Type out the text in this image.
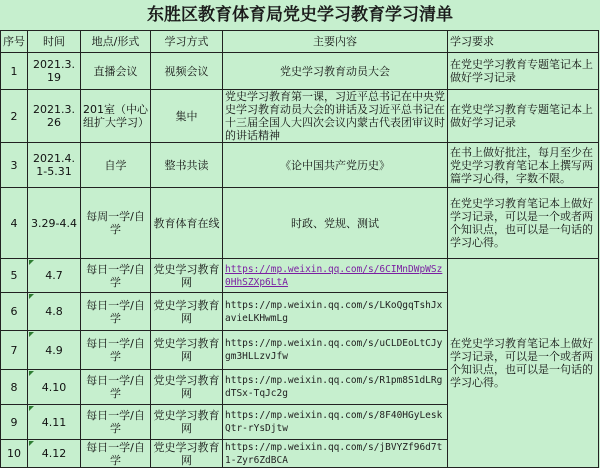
东胜区教育体育局党史学习教育学习清单
序号	时间	地点/形式	学习方式	主要内容	学习要求
1	2021.3.19	直播会议	视频会议	党史学习教育动员大会	在党史学习教育专题笔记本上做好学习记录
2	2021.3.26	201室（中心组扩大学习）	集中	党史学习教育第一课，习近平总书记在中央党史学习教育动员大会的讲话及习近平总书记在十三届全国人大四次会议内蒙古代表团审议时的讲话精神	在党史学习教育专题笔记本上做好学习记录
3	2021.4.1-5.31	自学	整书共读	《论中国共产党历史》	在书上做好批注，每月至少在党史学习教育笔记本上撰写两篇学习心得，字数不限。
4	3.29-4.4	每周一学/自学	教育体育在线	时政、党规、测试	在党史学习教育笔记本上做好学习记录，可以是一个或者两个知识点，也可以是一句话的学习心得。
5	4.7	每日一学/自学	党史学习教育网	https://mp.weixin.qq.com/s/6CIMnDWpWSz0HhSZXp6LtA	在党史学习教育笔记本上做好学习记录，可以是一个或者两个知识点，也可以是一句话的学习心得。
6	4.8	每日一学/自学	党史学习教育网	https://mp.weixin.qq.com/s/LKoQgqTshJxavieLKHwmLg	
7	4.9	每日一学/自学	党史学习教育网	https://mp.weixin.qq.com/s/uCLDEoLtCJygm3HLLzvJfw	
8	4.10	每日一学/自学	党史学习教育网	https://mp.weixin.qq.com/s/R1pm8S1dLRgdTSx-TqJc2g	
9	4.11	每日一学/自学	党史学习教育网	https://mp.weixin.qq.com/s/8F40HGyLeskQtr-rYsDjtw	
10	4.12	每日一学/自学	党史学习教育网	https://mp.weixin.qq.com/s/jBVYZf96d7t1-Zyr6ZdBCA	
